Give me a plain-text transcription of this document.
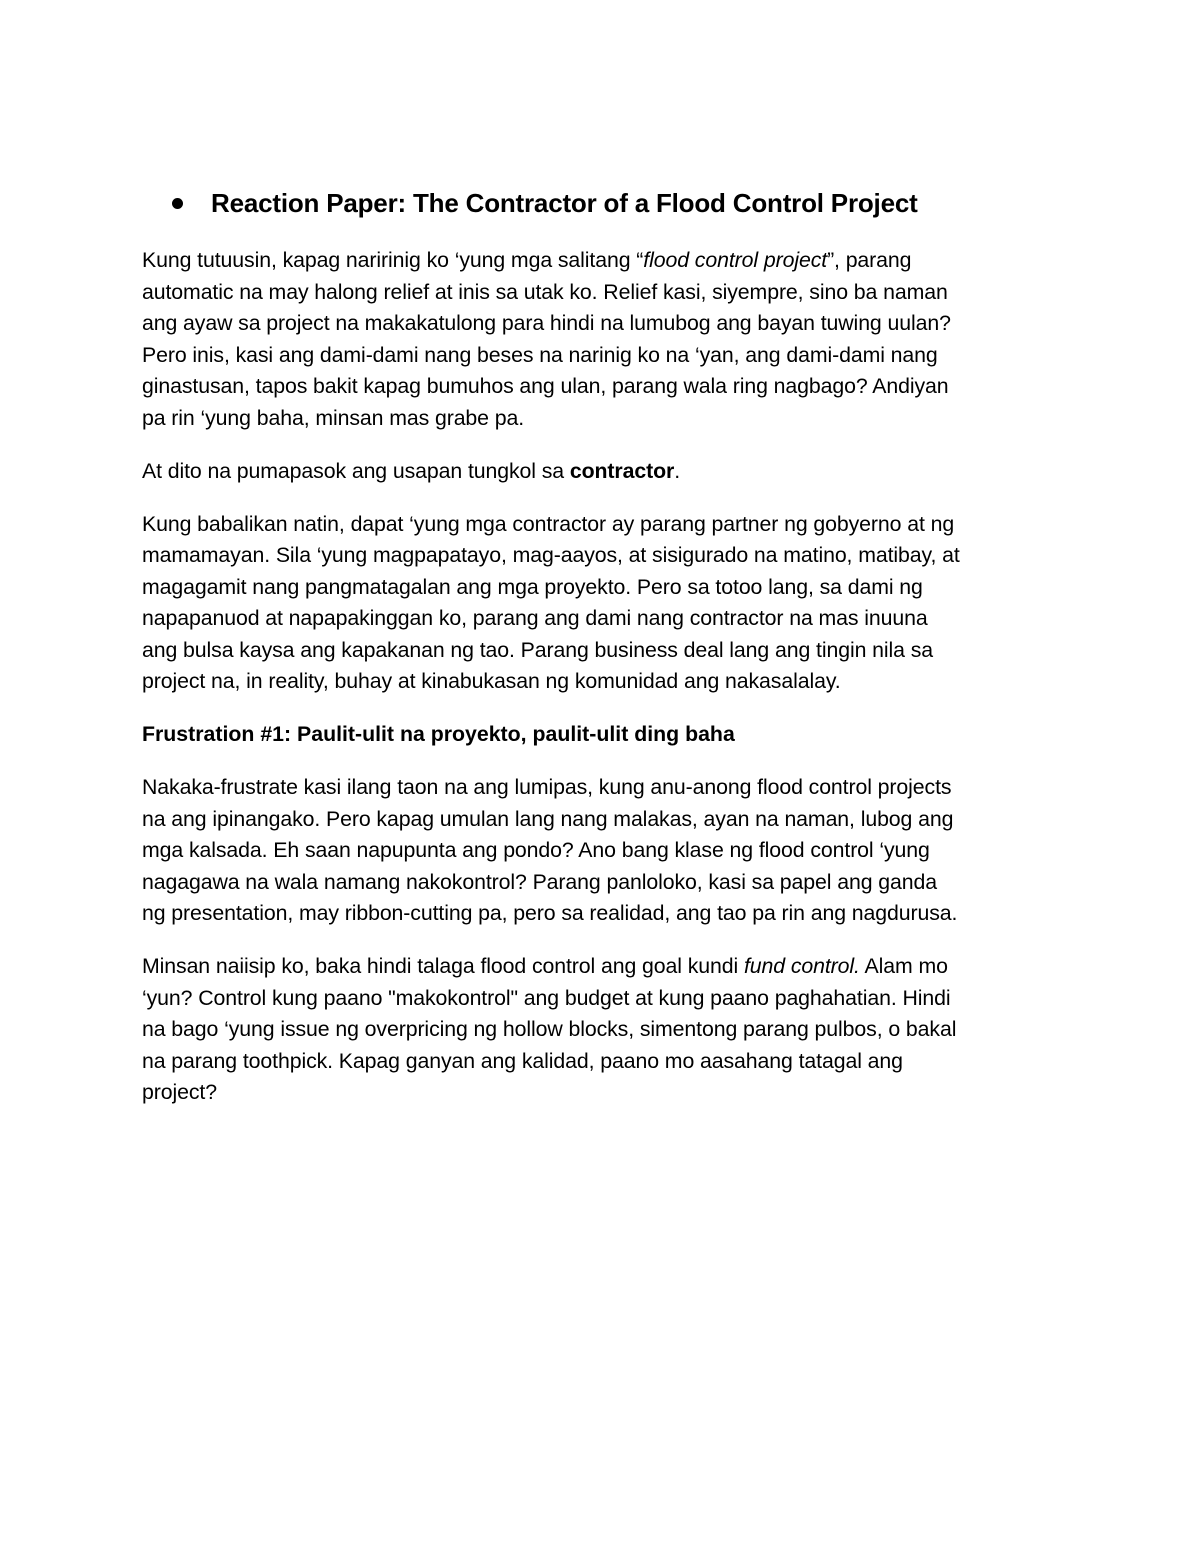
Reaction Paper: The Contractor of a Flood Control Project

Kung tutuusin, kapag naririnig ko ‘yung mga salitang “flood control project”, parang
automatic na may halong relief at inis sa utak ko. Relief kasi, siyempre, sino ba naman
ang ayaw sa project na makakatulong para hindi na lumubog ang bayan tuwing uulan?
Pero inis, kasi ang dami-dami nang beses na narinig ko na ‘yan, ang dami-dami nang
ginastusan, tapos bakit kapag bumuhos ang ulan, parang wala ring nagbago? Andiyan
pa rin ‘yung baha, minsan mas grabe pa.

At dito na pumapasok ang usapan tungkol sa contractor.

Kung babalikan natin, dapat ‘yung mga contractor ay parang partner ng gobyerno at ng
mamamayan. Sila ‘yung magpapatayo, mag-aayos, at sisigurado na matino, matibay, at
magagamit nang pangmatagalan ang mga proyekto. Pero sa totoo lang, sa dami ng
napapanuod at napapakinggan ko, parang ang dami nang contractor na mas inuuna
ang bulsa kaysa ang kapakanan ng tao. Parang business deal lang ang tingin nila sa
project na, in reality, buhay at kinabukasan ng komunidad ang nakasalalay.

Frustration #1: Paulit-ulit na proyekto, paulit-ulit ding baha

Nakaka-frustrate kasi ilang taon na ang lumipas, kung anu-anong flood control projects
na ang ipinangako. Pero kapag umulan lang nang malakas, ayan na naman, lubog ang
mga kalsada. Eh saan napupunta ang pondo? Ano bang klase ng flood control ‘yung
nagagawa na wala namang nakokontrol? Parang panloloko, kasi sa papel ang ganda
ng presentation, may ribbon-cutting pa, pero sa realidad, ang tao pa rin ang nagdurusa.

Minsan naiisip ko, baka hindi talaga flood control ang goal kundi fund control. Alam mo
‘yun? Control kung paano "makokontrol" ang budget at kung paano paghahatian. Hindi
na bago ‘yung issue ng overpricing ng hollow blocks, simentong parang pulbos, o bakal
na parang toothpick. Kapag ganyan ang kalidad, paano mo aasahang tatagal ang
project?
